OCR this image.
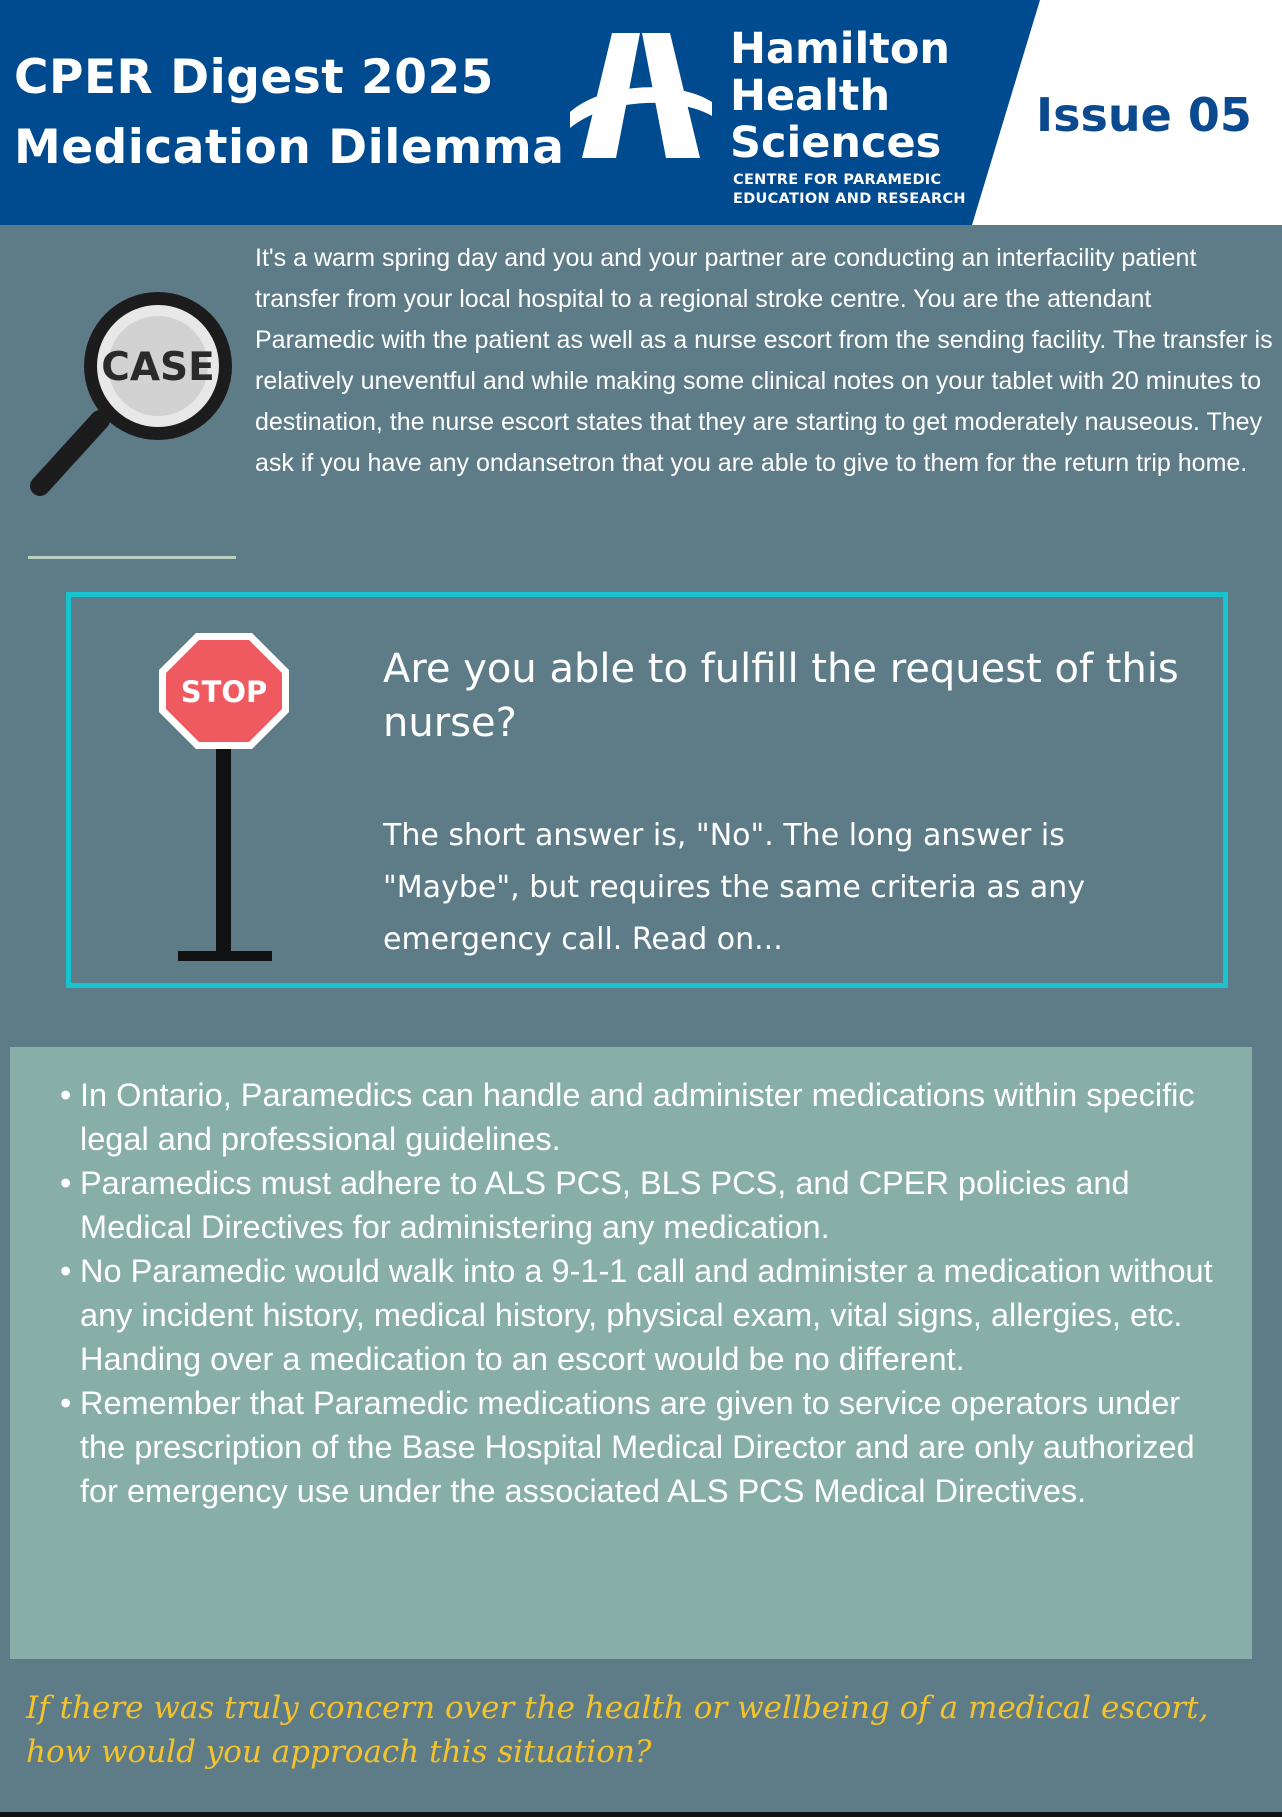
CPER Digest 2025
Medication Dilemma
Hamilton
Health
Sciences
CENTRE FOR PARAMEDIC
EDUCATION AND RESEARCH
Issue 05
CASE
It's a warm spring day and you and your partner are conducting an interfacility patient transfer from your local hospital to a regional stroke centre. You are the attendant Paramedic with the patient as well as a nurse escort from the sending facility. The transfer is relatively uneventful and while making some clinical notes on your tablet with 20 minutes to destination, the nurse escort states that they are starting to get moderately nauseous. They ask if you have any ondansetron that you are able to give to them for the return trip home.
STOP	Are you able to fulfill the request of this nurse?
The short answer is, "No". The long answer is "Maybe", but requires the same criteria as any emergency call. Read on...
• In Ontario, Paramedics can handle and administer medications within specific legal and professional guidelines.
• Paramedics must adhere to ALS PCS, BLS PCS, and CPER policies and Medical Directives for administering any medication.
• No Paramedic would walk into a 9-1-1 call and administer a medication without any incident history, medical history, physical exam, vital signs, allergies, etc. Handing over a medication to an escort would be no different.
• Remember that Paramedic medications are given to service operators under the prescription of the Base Hospital Medical Director and are only authorized for emergency use under the associated ALS PCS Medical Directives.
If there was truly concern over the health or wellbeing of a medical escort, how would you approach this situation?
